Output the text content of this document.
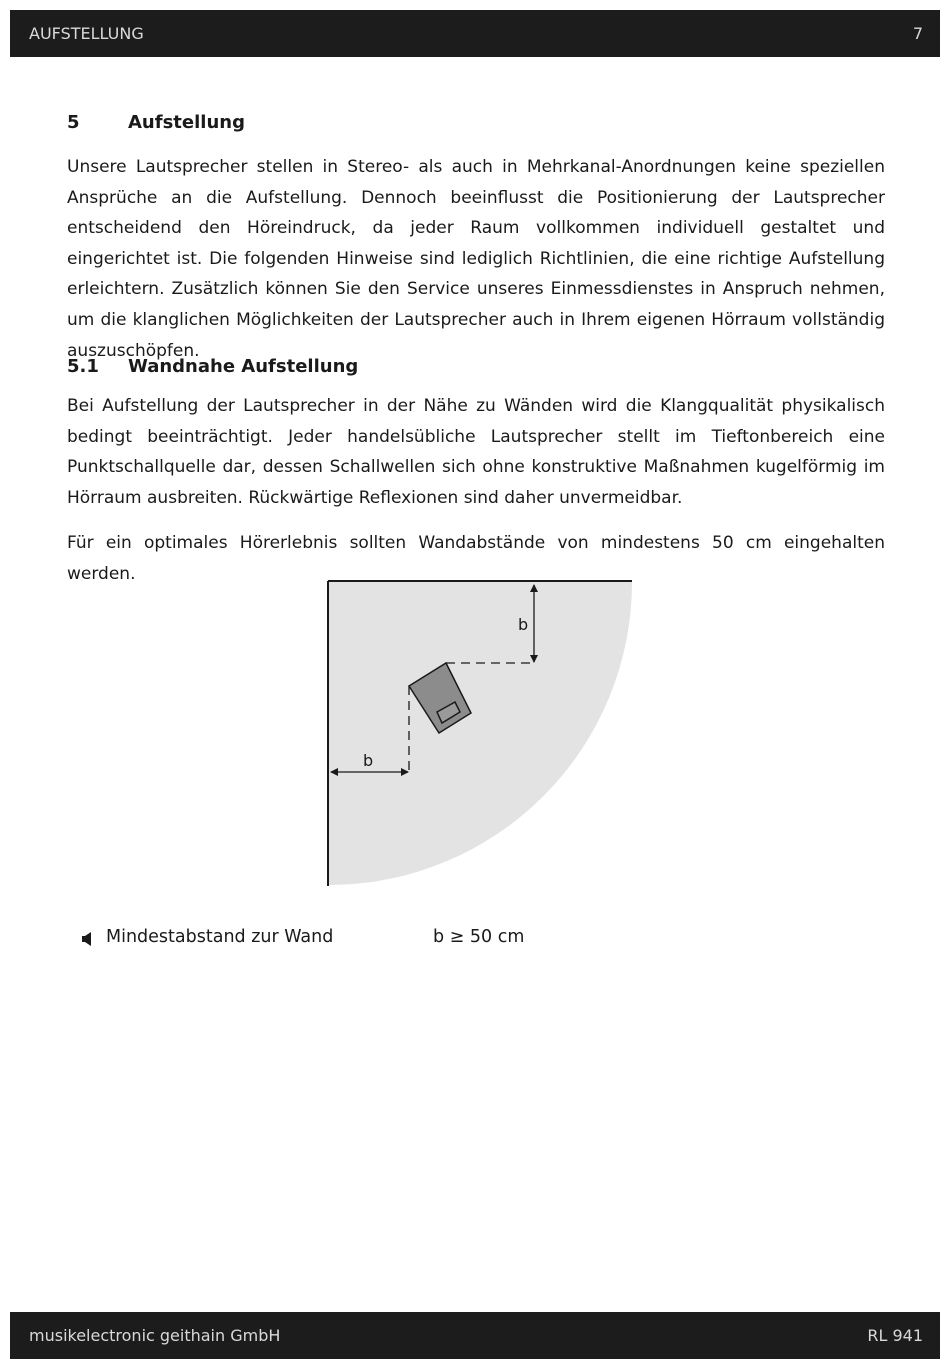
AUFSTELLUNG	7
5	Aufstellung

Unsere Lautsprecher stellen in Stereo- als auch in Mehrkanal-Anordnungen keine speziellen Ansprüche an die Aufstellung. Dennoch beeinflusst die Positionierung der Lautsprecher entscheidend den Höreindruck, da jeder Raum vollkommen individuell gestaltet und eingerichtet ist. Die folgenden Hinweise sind lediglich Richtlinien, die eine richtige Aufstellung erleichtern. Zusätzlich können Sie den Service unseres Einmessdienstes in Anspruch nehmen, um die klanglichen Möglichkeiten der Lautsprecher auch in Ihrem eigenen Hörraum vollständig auszuschöpfen.

5.1 Wandnahe Aufstellung

Bei Aufstellung der Lautsprecher in der Nähe zu Wänden wird die Klangqualität physikalisch bedingt beeinträchtigt. Jeder handelsübliche Lautsprecher stellt im Tieftonbereich eine Punktschallquelle dar, dessen Schallwellen sich ohne konstruktive Maßnahmen kugelförmig im Hörraum ausbreiten. Rückwärtige Reflexionen sind daher unvermeidbar.

Für ein optimales Hörerlebnis sollten Wandabstände von mindestens 50 cm eingehalten werden.

b
b
Mindestabstand zur Wand	b ≥ 50 cm
musikelectronic geithain GmbH	RL 941
